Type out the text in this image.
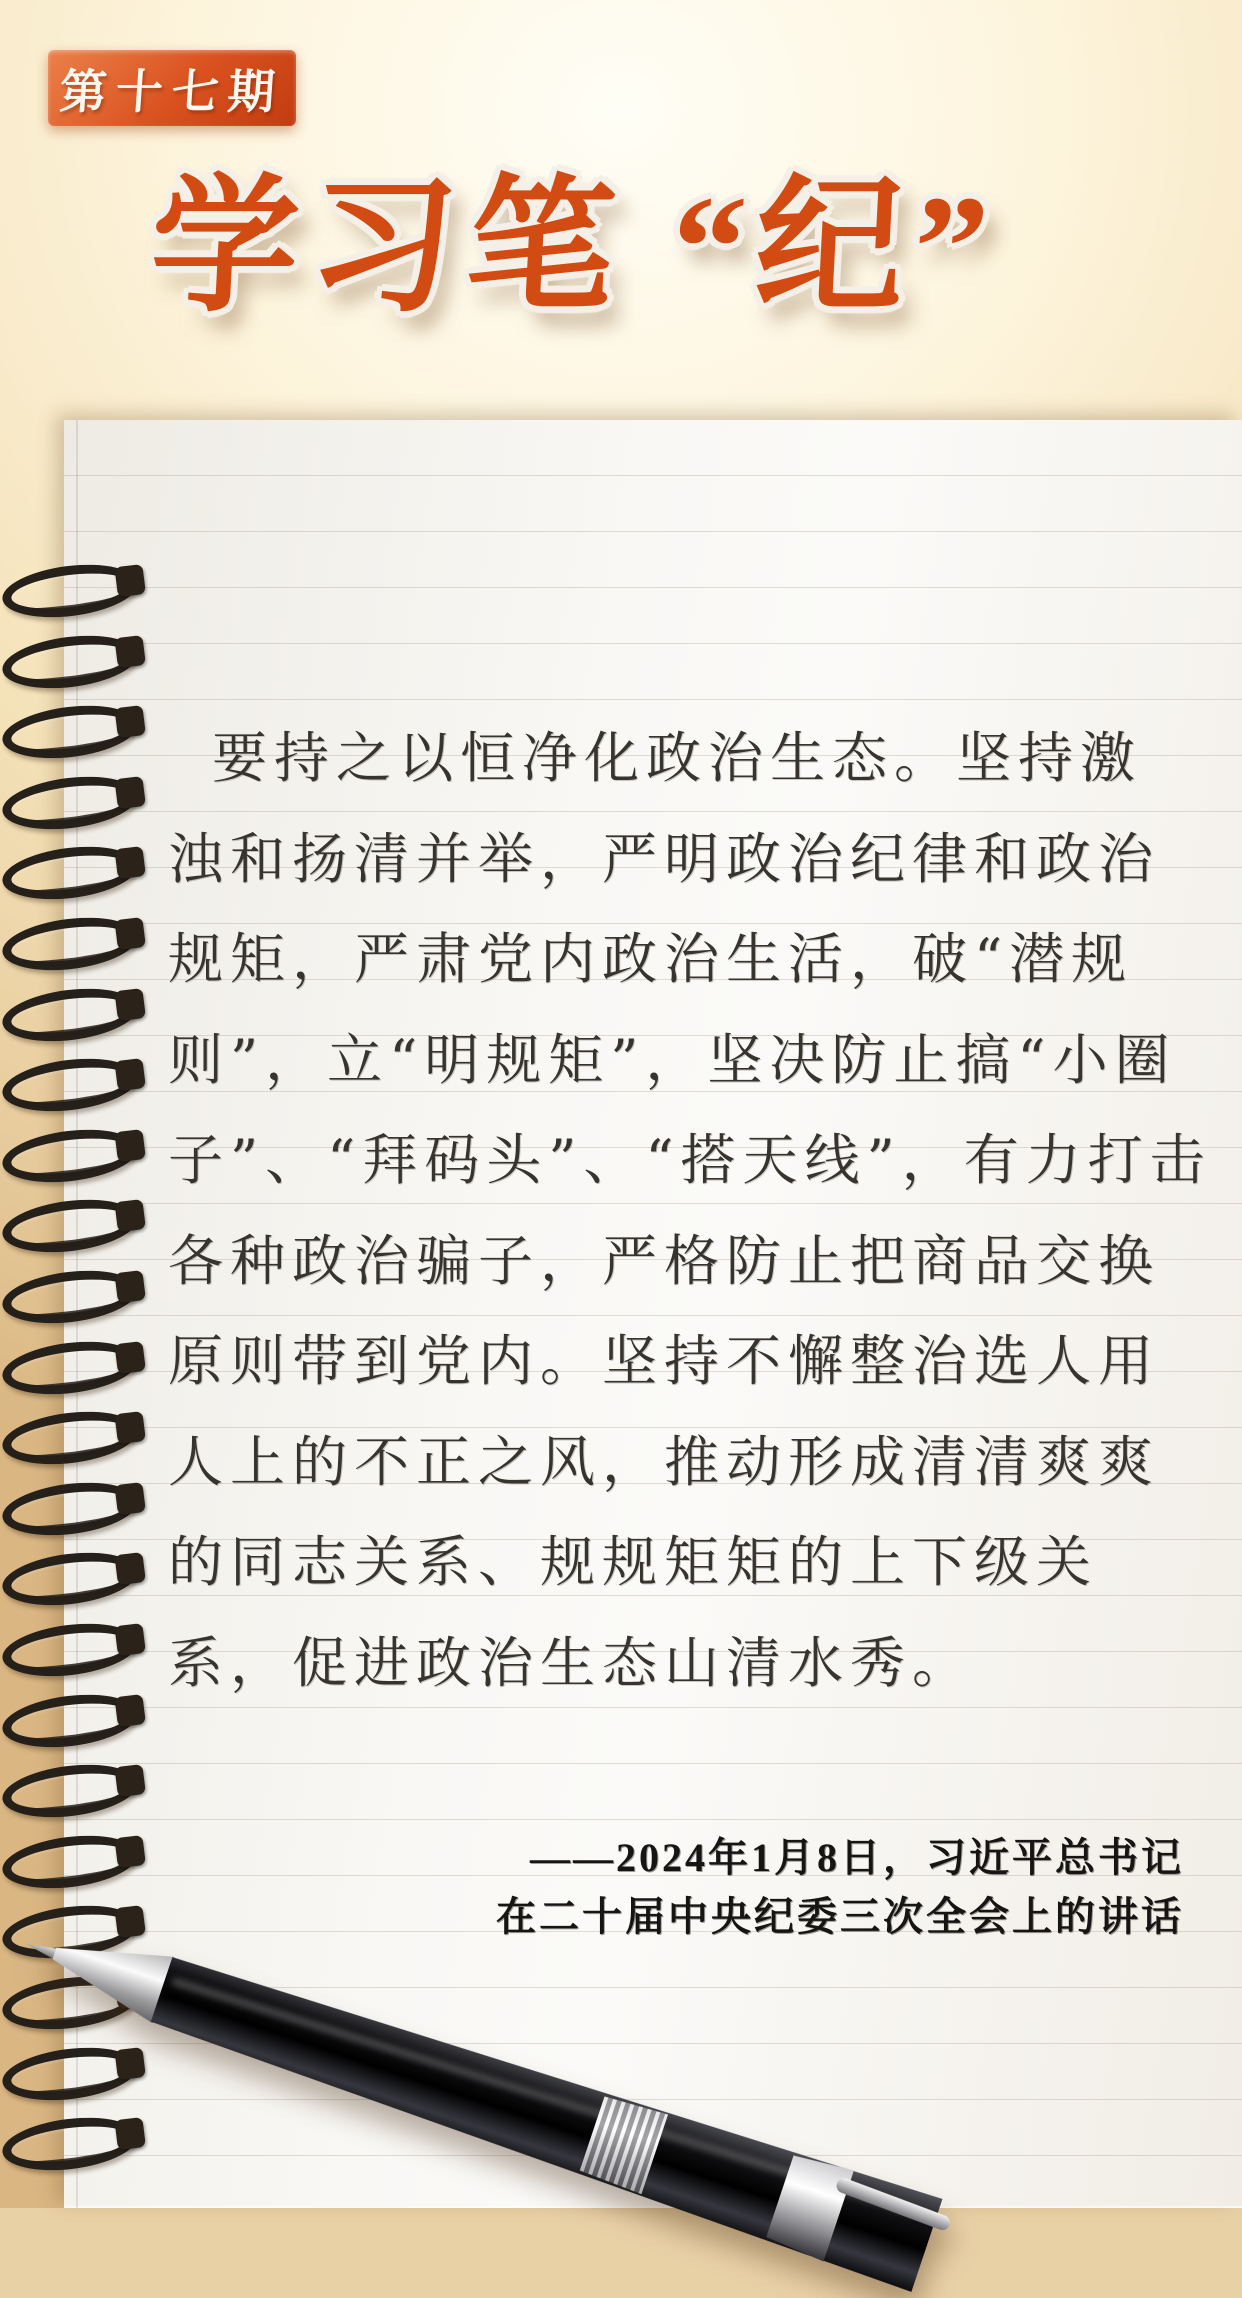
第十七期
学习笔 “纪”
要持之以恒净化政治生态。坚持激
浊和扬清并举，严明政治纪律和政治
规矩，严肃党内政治生活，破“潜规
则”，立“明规矩”，坚决防止搞“小圈
子”、“拜码头”、“搭天线”，有力打击
各种政治骗子，严格防止把商品交换
原则带到党内。坚持不懈整治选人用
人上的不正之风，推动形成清清爽爽
的同志关系、规规矩矩的上下级关
系，促进政治生态山清水秀。
——2024年1月8日，习近平总书记
在二十届中央纪委三次全会上的讲话
